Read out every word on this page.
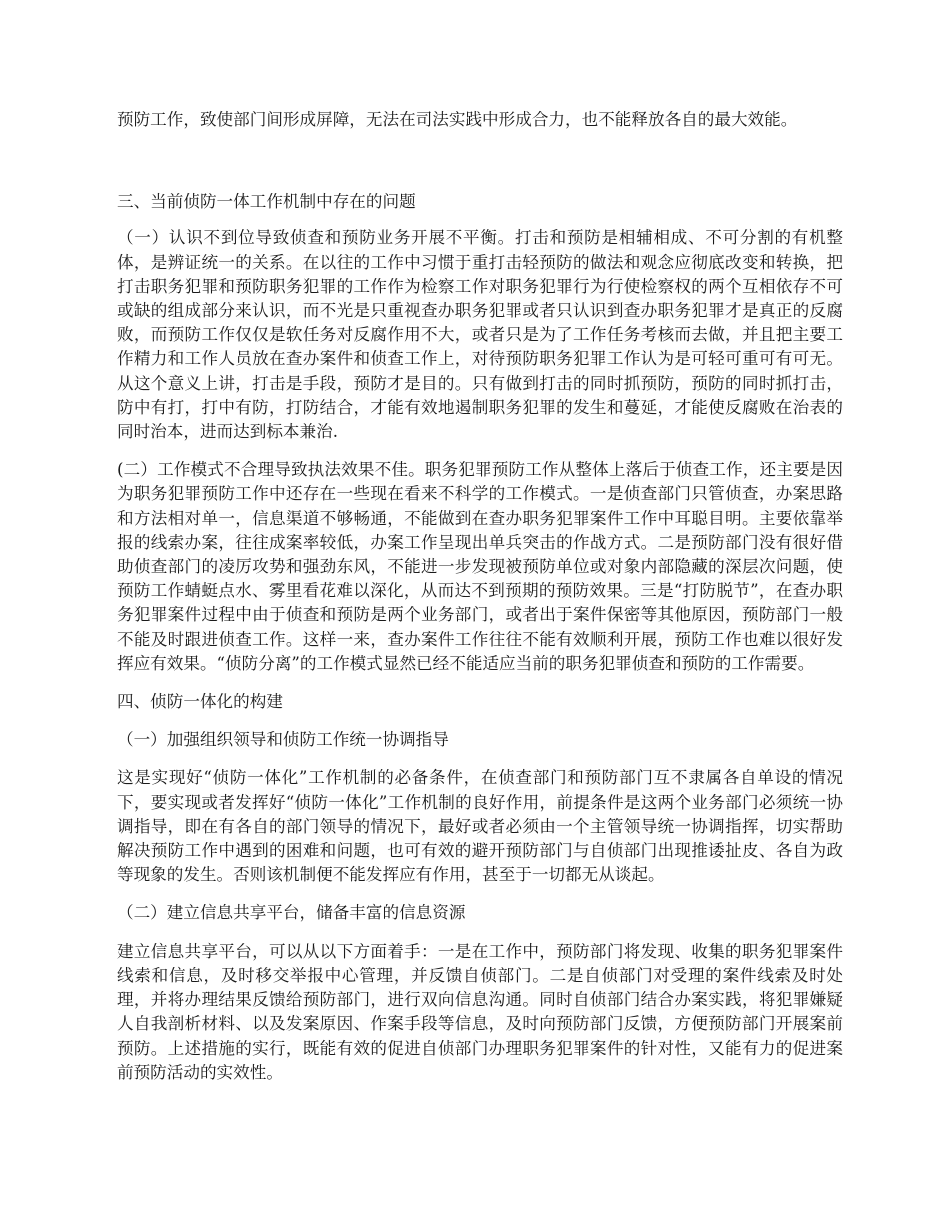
预防工作，致使部门间形成屏障，无法在司法实践中形成合力，也不能释放各自的最大效能。

三、当前侦防一体工作机制中存在的问题

（一）认识不到位导致侦查和预防业务开展不平衡。打击和预防是相辅相成、不可分割的有机整体，是辨证统一的关系。在以往的工作中习惯于重打击轻预防的做法和观念应彻底改变和转换，把打击职务犯罪和预防职务犯罪的工作作为检察工作对职务犯罪行为行使检察权的两个互相依存不可或缺的组成部分来认识，而不光是只重视查办职务犯罪或者只认识到查办职务犯罪才是真正的反腐败，而预防工作仅仅是软任务对反腐作用不大，或者只是为了工作任务考核而去做，并且把主要工作精力和工作人员放在查办案件和侦查工作上，对待预防职务犯罪工作认为是可轻可重可有可无。从这个意义上讲，打击是手段，预防才是目的。只有做到打击的同时抓预防，预防的同时抓打击，防中有打，打中有防，打防结合，才能有效地遏制职务犯罪的发生和蔓延，才能使反腐败在治表的同时治本，进而达到标本兼治.

(二）工作模式不合理导致执法效果不佳。职务犯罪预防工作从整体上落后于侦查工作，还主要是因为职务犯罪预防工作中还存在一些现在看来不科学的工作模式。一是侦查部门只管侦查，办案思路和方法相对单一，信息渠道不够畅通，不能做到在查办职务犯罪案件工作中耳聪目明。主要依靠举报的线索办案，往往成案率较低，办案工作呈现出单兵突击的作战方式。二是预防部门没有很好借助侦查部门的凌厉攻势和强劲东风，不能进一步发现被预防单位或对象内部隐藏的深层次问题，使预防工作蜻蜓点水、雾里看花难以深化，从而达不到预期的预防效果。三是“打防脱节”，在查办职务犯罪案件过程中由于侦查和预防是两个业务部门，或者出于案件保密等其他原因，预防部门一般不能及时跟进侦查工作。这样一来，查办案件工作往往不能有效顺利开展，预防工作也难以很好发挥应有效果。“侦防分离”的工作模式显然已经不能适应当前的职务犯罪侦查和预防的工作需要。

四、侦防一体化的构建

（一）加强组织领导和侦防工作统一协调指导

这是实现好“侦防一体化”工作机制的必备条件，在侦查部门和预防部门互不隶属各自单设的情况下，要实现或者发挥好“侦防一体化”工作机制的良好作用，前提条件是这两个业务部门必须统一协调指导，即在有各自的部门领导的情况下，最好或者必须由一个主管领导统一协调指挥，切实帮助解决预防工作中遇到的困难和问题，也可有效的避开预防部门与自侦部门出现推诿扯皮、各自为政等现象的发生。否则该机制便不能发挥应有作用，甚至于一切都无从谈起。

（二）建立信息共享平台，储备丰富的信息资源

建立信息共享平台，可以从以下方面着手：一是在工作中，预防部门将发现、收集的职务犯罪案件线索和信息，及时移交举报中心管理，并反馈自侦部门。二是自侦部门对受理的案件线索及时处理，并将办理结果反馈给预防部门，进行双向信息沟通。同时自侦部门结合办案实践，将犯罪嫌疑人自我剖析材料、以及发案原因、作案手段等信息，及时向预防部门反馈，方便预防部门开展案前预防。上述措施的实行，既能有效的促进自侦部门办理职务犯罪案件的针对性，又能有力的促进案前预防活动的实效性。
